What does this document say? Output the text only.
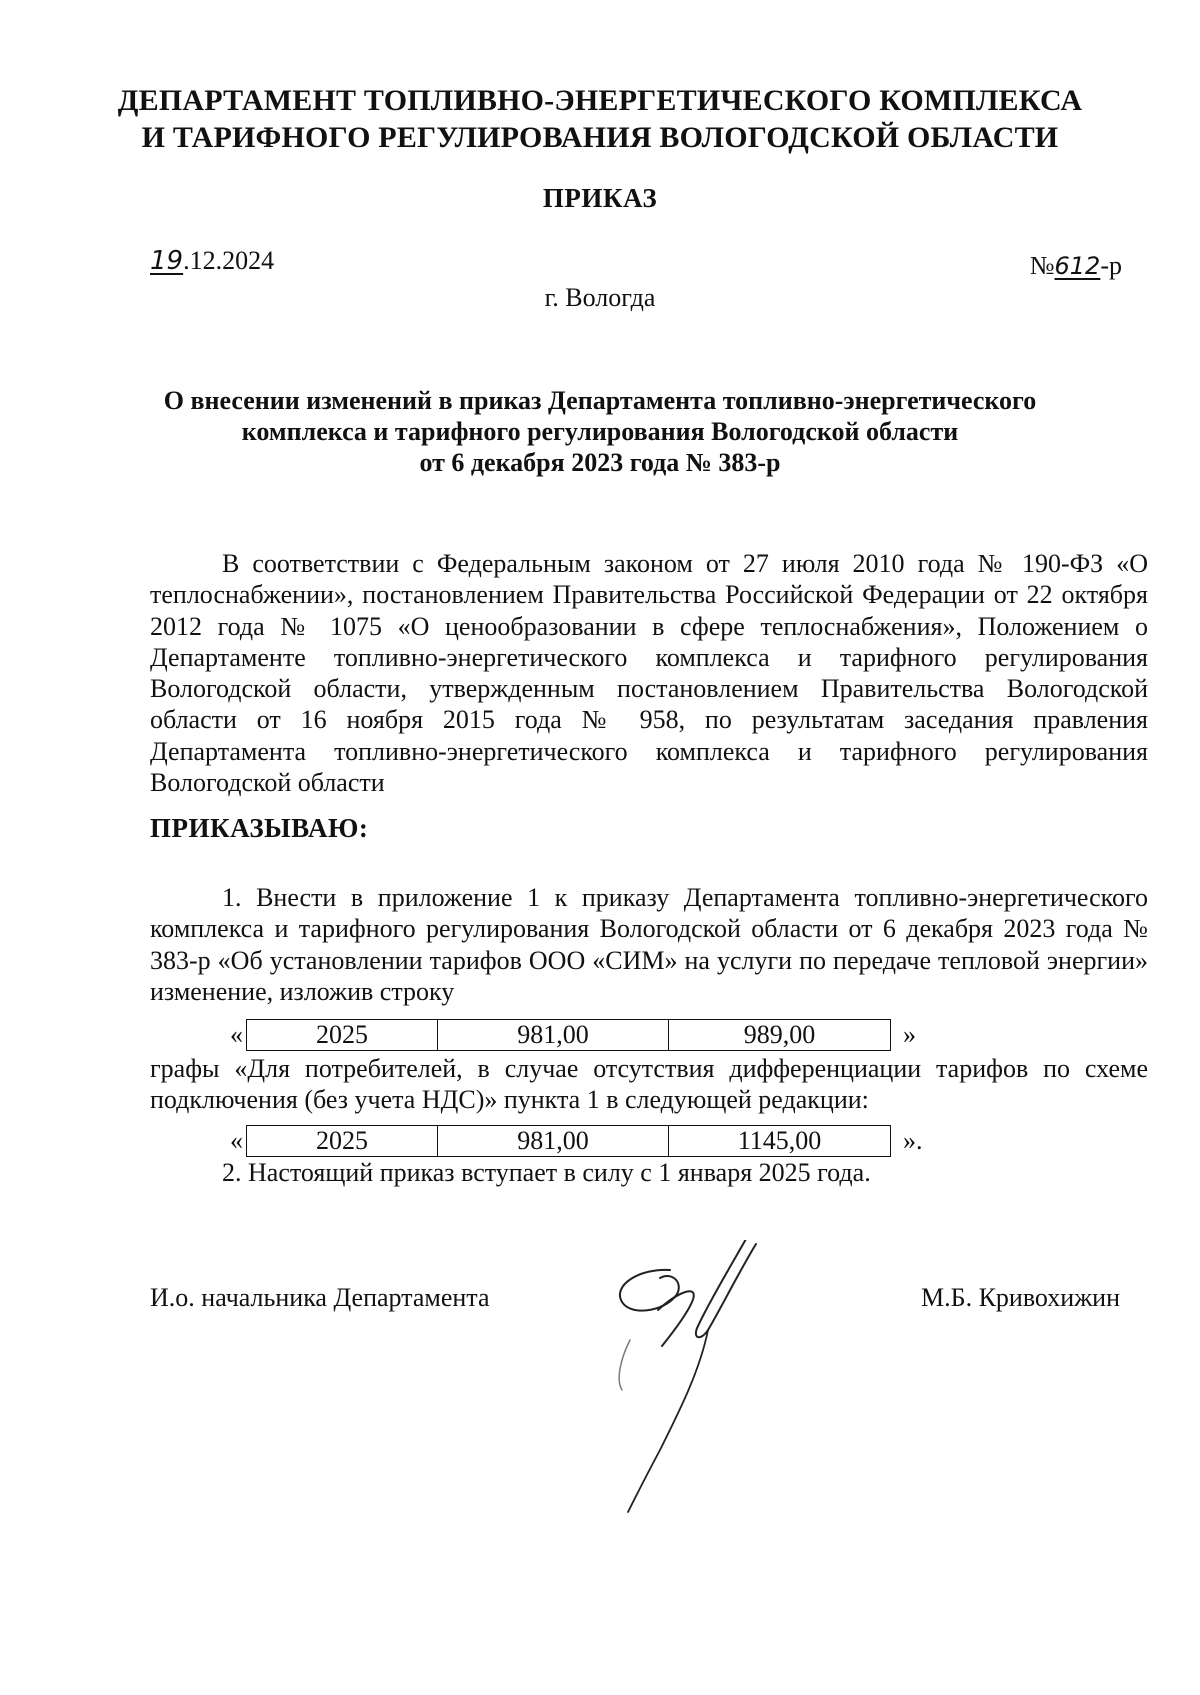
ДЕПАРТАМЕНТ ТОПЛИВНО-ЭНЕРГЕТИЧЕСКОГО КОМПЛЕКСА
И ТАРИФНОГО РЕГУЛИРОВАНИЯ ВОЛОГОДСКОЙ ОБЛАСТИ
ПРИКАЗ
19.12.2024	№612-р
г. Вологда
О внесении изменений в приказ Департамента топливно-энергетического
комплекса и тарифного регулирования Вологодской области
от 6 декабря 2023 года № 383-р

В соответствии с Федеральным законом от 27 июля 2010 года № 190-ФЗ «О теплоснабжении», постановлением Правительства Российской Федерации от 22 октября 2012 года № 1075 «О ценообразовании в сфере теплоснабжения», Положением о Департаменте топливно-энергетического комплекса и тарифного регулирования Вологодской области, утвержденным постановлением Правительства Вологодской области от 16 ноября 2015 года № 958, по результатам заседания правления Департамента топливно-энергетического комплекса и тарифного регулирования Вологодской области

ПРИКАЗЫВАЮ:

1. Внести в приложение 1 к приказу Департамента топливно-энергетического комплекса и тарифного регулирования Вологодской области от 6 декабря 2023 года № 383-р «Об установлении тарифов ООО «СИМ» на услуги по передаче тепловой энергии» изменение, изложив строку

«	2025	981,00	989,00	»

графы «Для потребителей, в случае отсутствия дифференциации тарифов по схеме подключения (без учета НДС)» пункта 1 в следующей редакции:

«	2025	981,00	1145,00	».
2. Настоящий приказ вступает в силу с 1 января 2025 года.
И.о. начальника Департамента	М.Б. Кривохижин
